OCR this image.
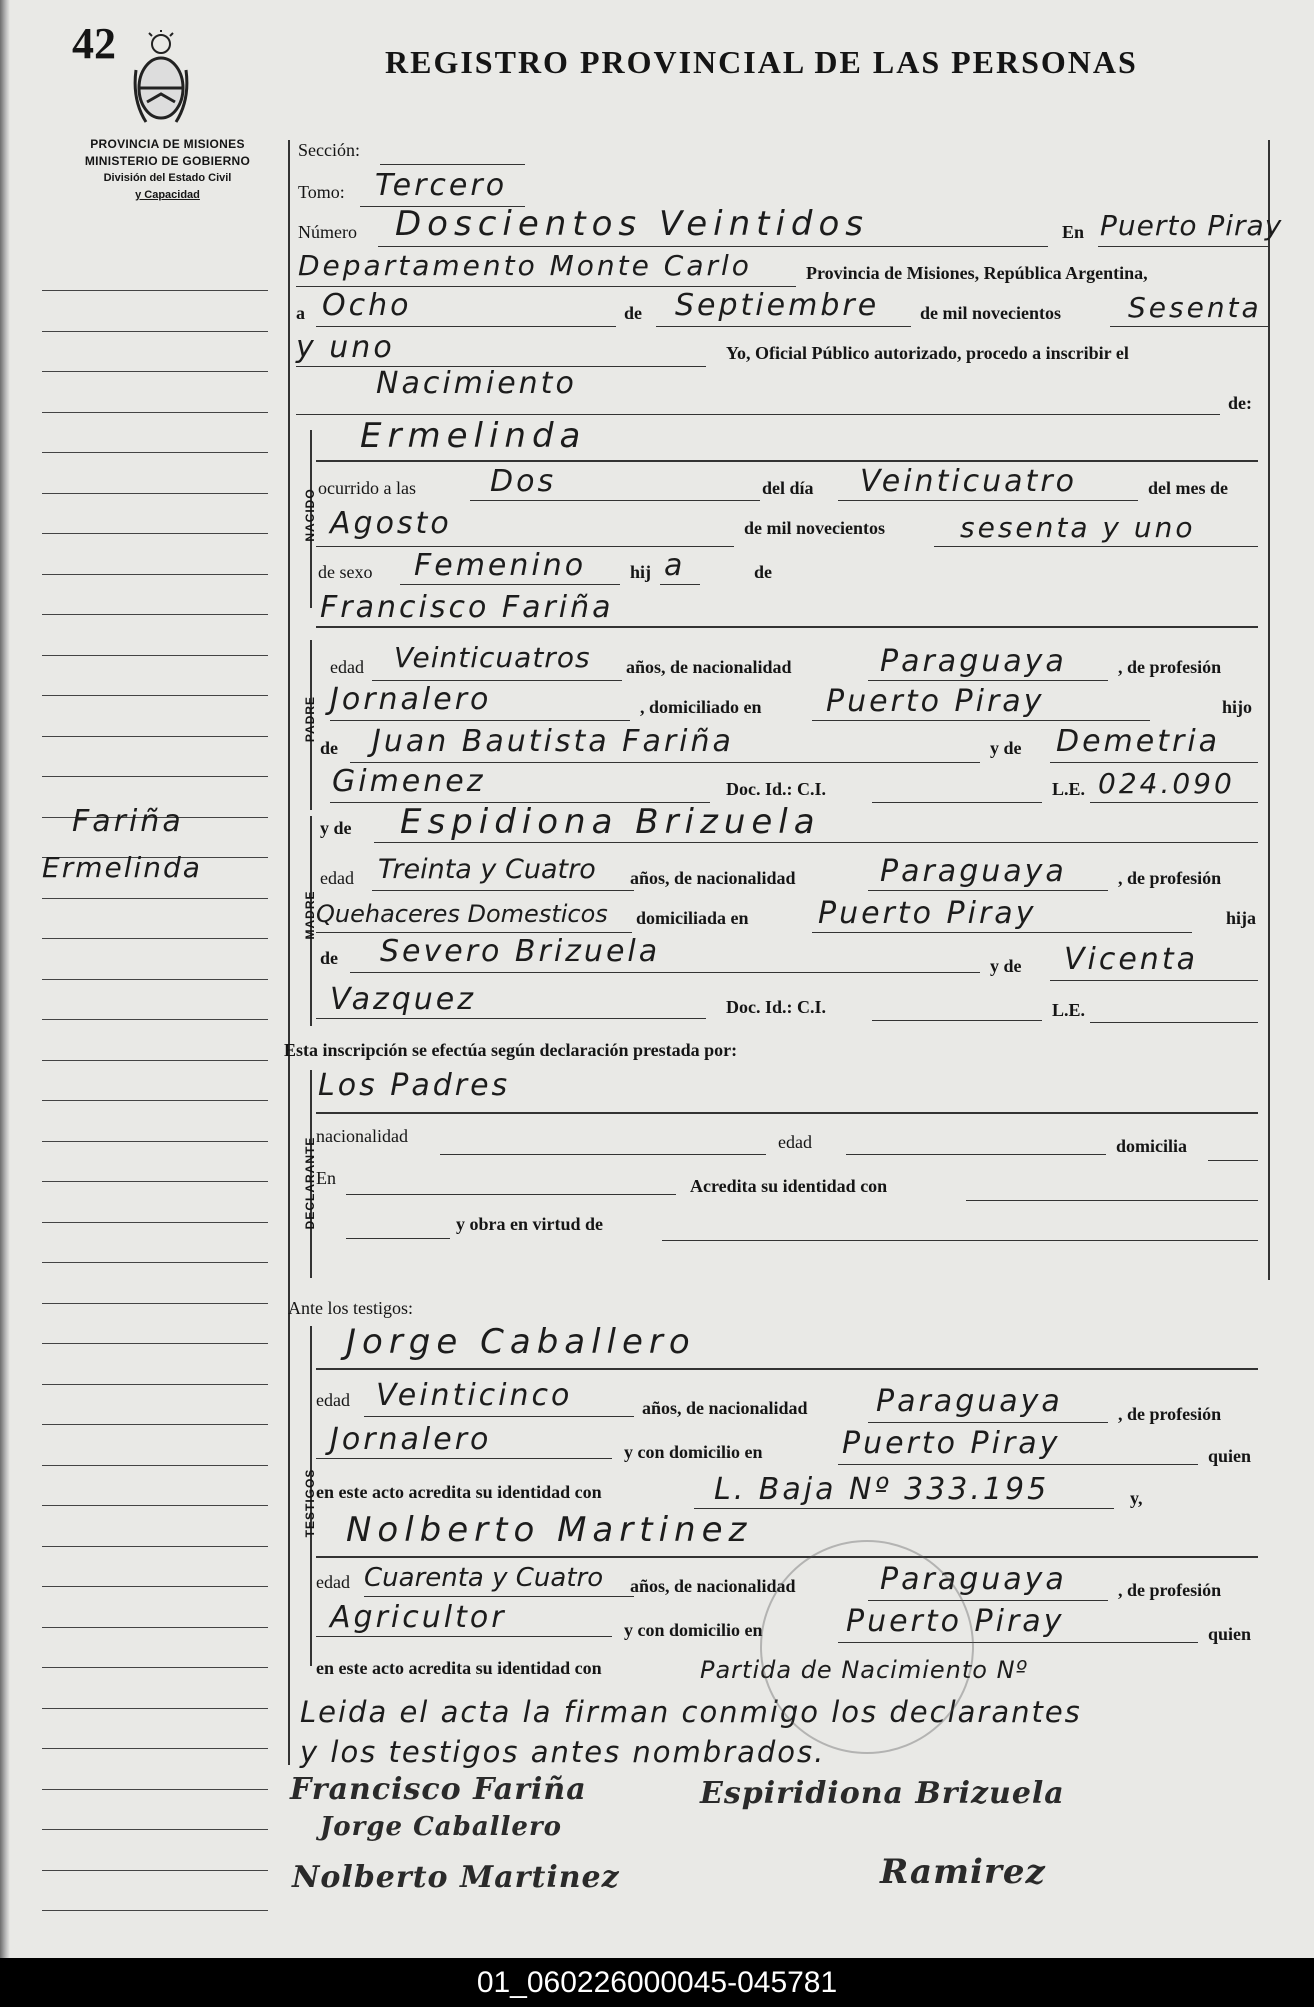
42	REGISTRO PROVINCIAL DE LAS PERSONAS
PROVINCIA DE MISIONES
MINISTERIO DE GOBIERNO
División del Estado Civil
y Capacidad
Fariña
Ermelinda
Sección:
Tomo: Tercero
Número Doscientos Veintidos	En Puerto Piray
Departamento Monte Carlo	Provincia de Misiones, República Argentina,
a Ocho	de Septiembre de mil novecientos Sesenta
y uno	Yo, Oficial Público autorizado, procedo a inscribir el
Nacimiento
de:
NACIDO
Ermelinda
ocurrido a las Dos	del día Veinticuatro	del mes de
Agosto	de mil novecientos	sesenta y uno
de sexo Femenino hij a	de
Francisco Fariña
PADRE
edad Veinticuatros años, de nacionalidad	Paraguaya	, de profesión
Jornalero	, domiciliado en Puerto Piray	hijo
de Juan Bautista Fariña	y de Demetria
Gimenez	Doc. Id.: C.I.	L.E. 024.090
MADRE
y de Espidiona Brizuela
edad Treinta y Cuatro años, de nacionalidad	Paraguaya	, de profesión
Quehaceres Domesticos domiciliada en Puerto Piray	hija
de Severo Brizuela	y de Vicenta
Vazquez	Doc. Id.: C.I.	L.E.
Esta inscripción se efectúa según declaración prestada por:
DECLARANTE
Los Padres
nacionalidad	edad	domicilia
En	Acredita su identidad con
y obra en virtud de
Ante los testigos:
TESTIGOS
Jorge Caballero
edad Veinticinco	años, de nacionalidad Paraguaya	, de profesión
Jornalero	y con domicilio en	Puerto Piray	quien
en este acto acredita su identidad con	L. Baja Nº 333.195	y,
Nolberto Martinez
edad Cuarenta y Cuatro años, de nacionalidad	Paraguaya	, de profesión
Agricultor	y con domicilio en	Puerto Piray	quien
en este acto acredita su identidad con	Partida de Nacimiento Nº
Leida el acta la firman conmigo los declarantes
y los testigos antes nombrados.
Francisco Fariña	Espiridiona Brizuela
Jorge Caballero
Nolberto Martinez	Ramirez
01_060226000045-045781
